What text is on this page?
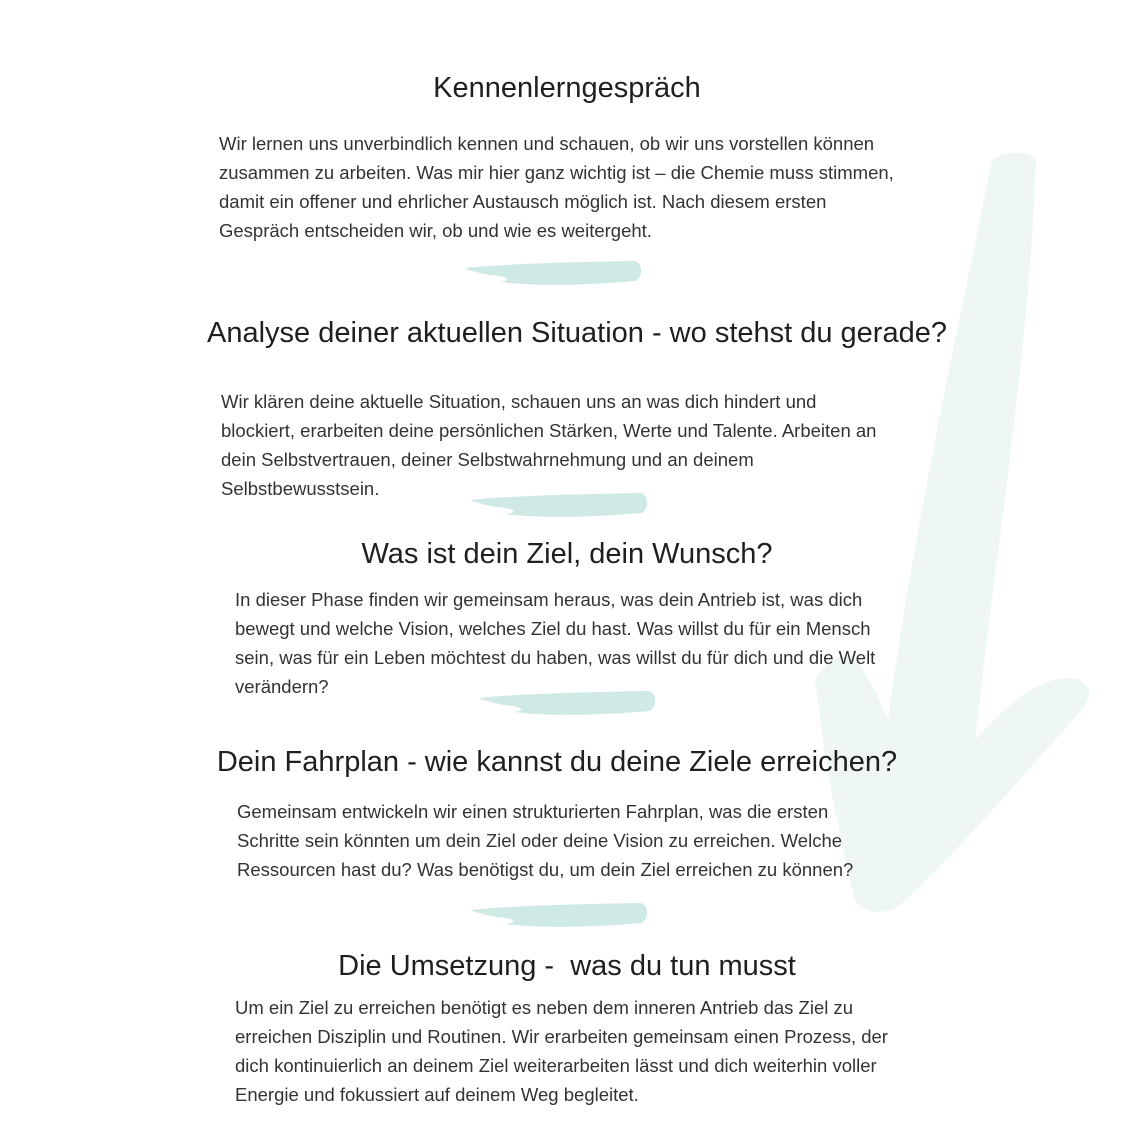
Kennenlerngespräch

Wir lernen uns unverbindlich kennen und schauen, ob wir uns vorstellen können zusammen zu arbeiten. Was mir hier ganz wichtig ist – die Chemie muss stimmen, damit ein offener und ehrlicher Austausch möglich ist. Nach diesem ersten Gespräch entscheiden wir, ob und wie es weitergeht.

Analyse deiner aktuellen Situation - wo stehst du gerade?

Wir klären deine aktuelle Situation, schauen uns an was dich hindert und blockiert, erarbeiten deine persönlichen Stärken, Werte und Talente. Arbeiten an dein Selbstvertrauen, deiner Selbstwahrnehmung und an deinem Selbstbewusstsein.

Was ist dein Ziel, dein Wunsch?

In dieser Phase finden wir gemeinsam heraus, was dein Antrieb ist, was dich bewegt und welche Vision, welches Ziel du hast. Was willst du für ein Mensch sein, was für ein Leben möchtest du haben, was willst du für dich und die Welt verändern?

Dein Fahrplan - wie kannst du deine Ziele erreichen?

Gemeinsam entwickeln wir einen strukturierten Fahrplan, was die ersten Schritte sein könnten um dein Ziel oder deine Vision zu erreichen. Welche Ressourcen hast du? Was benötigst du, um dein Ziel erreichen zu können?

Die Umsetzung -  was du tun musst

Um ein Ziel zu erreichen benötigt es neben dem inneren Antrieb das Ziel zu erreichen Disziplin und Routinen. Wir erarbeiten gemeinsam einen Prozess, der dich kontinuierlich an deinem Ziel weiterarbeiten lässt und dich weiterhin voller Energie und fokussiert auf deinem Weg begleitet.
